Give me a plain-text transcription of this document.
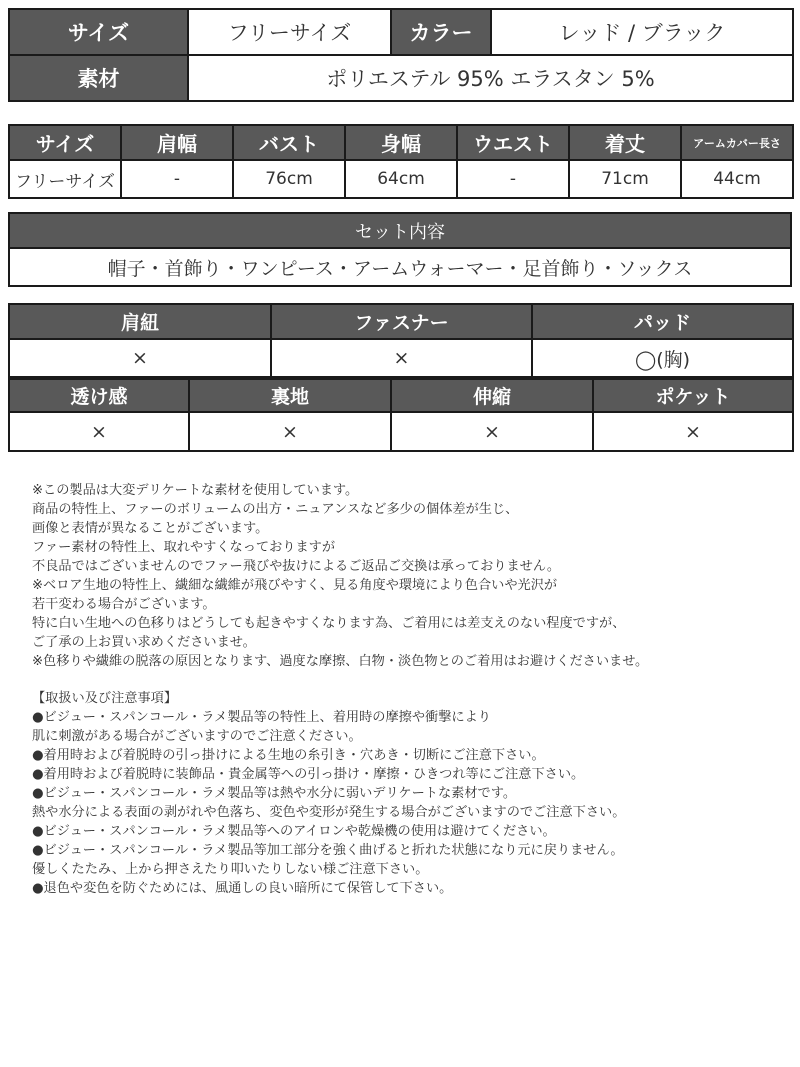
サイズ	フリーサイズ	カラー	レッド / ブラック
素材	ポリエステル 95% エラスタン 5%		
サイズ	肩幅	バスト	身幅	ウエスト	着丈	アームカバー長さ
フリーサイズ	-	76cm	64cm	-	71cm	44cm
セット内容
帽子・首飾り・ワンピース・アームウォーマー・足首飾り・ソックス
肩紐	ファスナー	パッド
×	×	◯(胸)
透け感	裏地	伸縮	ポケット
×	×	×	×
※この製品は大変デリケートな素材を使用しています。
商品の特性上、ファーのボリュームの出方・ニュアンスなど多少の個体差が生じ、
画像と表情が異なることがございます。
ファー素材の特性上、取れやすくなっておりますが
不良品ではございませんのでファー飛びや抜けによるご返品ご交換は承っておりません。
※ベロア生地の特性上、繊細な繊維が飛びやすく、見る角度や環境により色合いや光沢が
若干変わる場合がございます。
特に白い生地への色移りはどうしても起きやすくなります為、ご着用には差支えのない程度ですが、
ご了承の上お買い求めくださいませ。
※色移りや繊維の脱落の原因となります、過度な摩擦、白物・淡色物とのご着用はお避けくださいませ。
【取扱い及び注意事項】
●ビジュー・スパンコール・ラメ製品等の特性上、着用時の摩擦や衝撃により
肌に刺激がある場合がございますのでご注意ください。
●着用時および着脱時の引っ掛けによる生地の糸引き・穴あき・切断にご注意下さい。
●着用時および着脱時に装飾品・貴金属等への引っ掛け・摩擦・ひきつれ等にご注意下さい。
●ビジュー・スパンコール・ラメ製品等は熱や水分に弱いデリケートな素材です。
熱や水分による表面の剥がれや色落ち、変色や変形が発生する場合がございますのでご注意下さい。
●ビジュー・スパンコール・ラメ製品等へのアイロンや乾燥機の使用は避けてください。
●ビジュー・スパンコール・ラメ製品等加工部分を強く曲げると折れた状態になり元に戻りません。
優しくたたみ、上から押さえたり叩いたりしない様ご注意下さい。
●退色や変色を防ぐためには、風通しの良い暗所にて保管して下さい。
